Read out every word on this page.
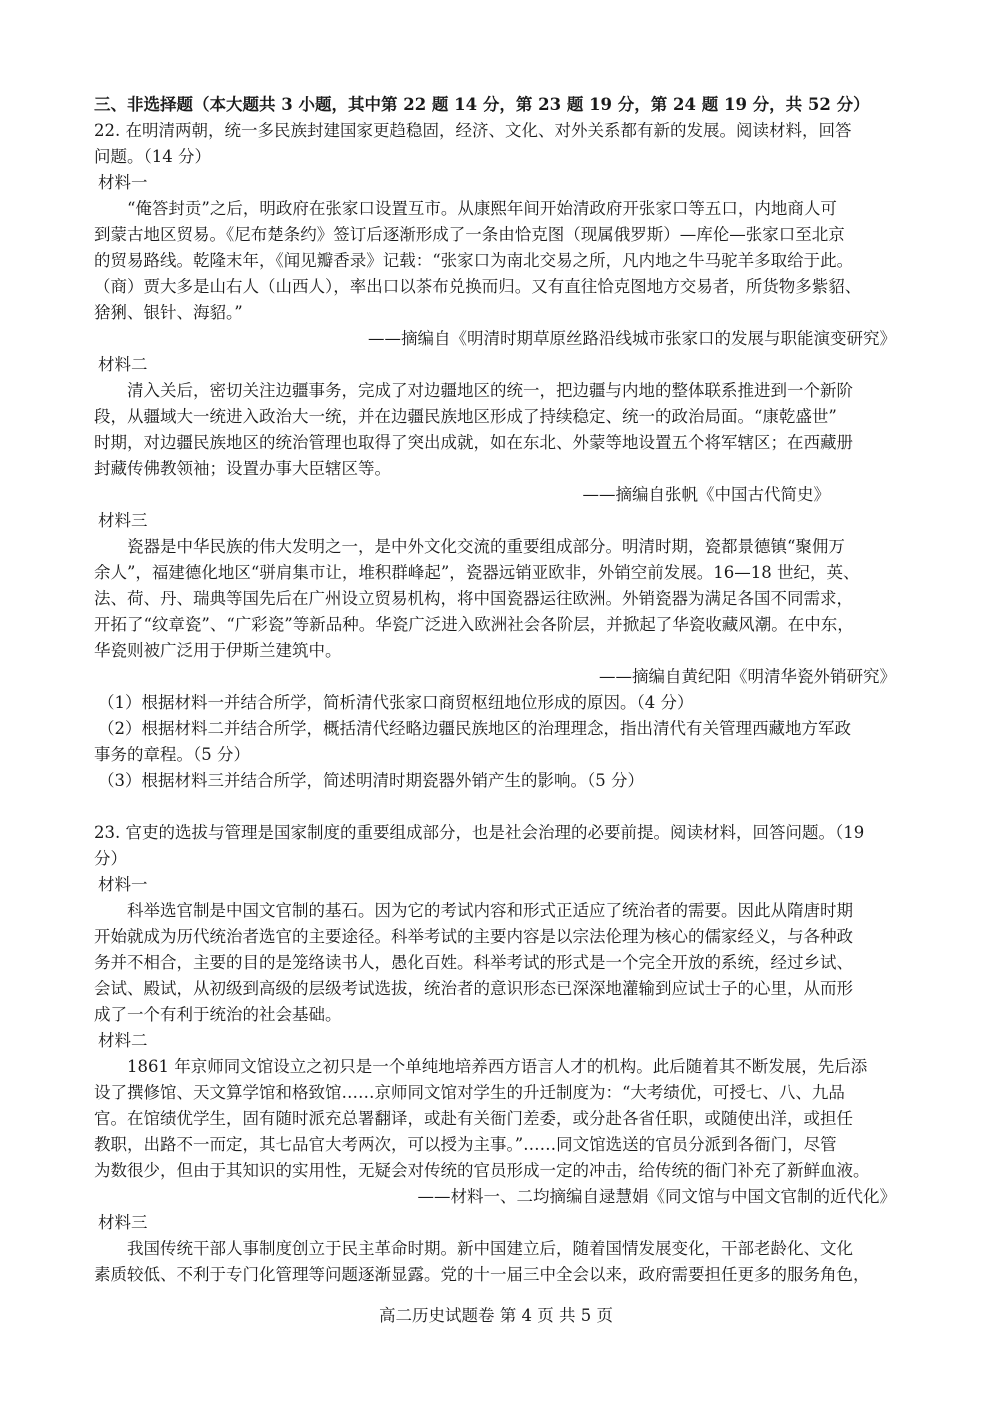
三、非选择题（本大题共 3 小题，其中第 22 题 14 分，第 23 题 19 分，第 24 题 19 分，共 52 分）
22. 在明清两朝，统一多民族封建国家更趋稳固，经济、文化、对外关系都有新的发展。阅读材料，回答
问题。（14 分）
材料一
“俺答封贡”之后，明政府在张家口设置互市。从康熙年间开始清政府开张家口等五口，内地商人可
到蒙古地区贸易。《尼布楚条约》签订后逐渐形成了一条由恰克图（现属俄罗斯）—库伦—张家口至北京
的贸易路线。乾隆末年，《闻见瓣香录》记载：“张家口为南北交易之所，凡内地之牛马驼羊多取给于此。
（商）贾大多是山右人（山西人），率出口以茶布兑换而归。又有直往恰克图地方交易者，所货物多紫貂、
猞猁、银针、海貂。”
——摘编自《明清时期草原丝路沿线城市张家口的发展与职能演变研究》
材料二
清入关后，密切关注边疆事务，完成了对边疆地区的统一，把边疆与内地的整体联系推进到一个新阶
段，从疆域大一统进入政治大一统，并在边疆民族地区形成了持续稳定、统一的政治局面。“康乾盛世”
时期，对边疆民族地区的统治管理也取得了突出成就，如在东北、外蒙等地设置五个将军辖区；在西藏册
封藏传佛教领袖；设置办事大臣辖区等。
——摘编自张帆《中国古代简史》
材料三
瓷器是中华民族的伟大发明之一，是中外文化交流的重要组成部分。明清时期，瓷都景德镇“聚佣万
余人”，福建德化地区“骈肩集市让，堆积群峰起”，瓷器远销亚欧非，外销空前发展。16—18 世纪，英、
法、荷、丹、瑞典等国先后在广州设立贸易机构，将中国瓷器运往欧洲。外销瓷器为满足各国不同需求，
开拓了“纹章瓷”、“广彩瓷”等新品种。华瓷广泛进入欧洲社会各阶层，并掀起了华瓷收藏风潮。在中东，
华瓷则被广泛用于伊斯兰建筑中。
——摘编自黄纪阳《明清华瓷外销研究》
（1）根据材料一并结合所学，简析清代张家口商贸枢纽地位形成的原因。（4 分）
（2）根据材料二并结合所学，概括清代经略边疆民族地区的治理理念，指出清代有关管理西藏地方军政
事务的章程。（5 分）
（3）根据材料三并结合所学，简述明清时期瓷器外销产生的影响。（5 分）
23. 官吏的选拔与管理是国家制度的重要组成部分，也是社会治理的必要前提。阅读材料，回答问题。（19
分）
材料一
科举选官制是中国文官制的基石。因为它的考试内容和形式正适应了统治者的需要。因此从隋唐时期
开始就成为历代统治者选官的主要途径。科举考试的主要内容是以宗法伦理为核心的儒家经义，与各种政
务并不相合，主要的目的是笼络读书人，愚化百姓。科举考试的形式是一个完全开放的系统，经过乡试、
会试、殿试，从初级到高级的层级考试选拔，统治者的意识形态已深深地灌输到应试士子的心里，从而形
成了一个有利于统治的社会基础。
材料二
1861 年京师同文馆设立之初只是一个单纯地培养西方语言人才的机构。此后随着其不断发展，先后添
设了撰修馆、天文算学馆和格致馆……京师同文馆对学生的升迁制度为：“大考绩优，可授七、八、九品
官。在馆绩优学生，固有随时派充总署翻译，或赴有关衙门差委，或分赴各省任职，或随使出洋，或担任
教职，出路不一而定，其七品官大考两次，可以授为主事。”……同文馆选送的官员分派到各衙门，尽管
为数很少，但由于其知识的实用性，无疑会对传统的官员形成一定的冲击，给传统的衙门补充了新鲜血液。
——材料一、二均摘编自逯慧娟《同文馆与中国文官制的近代化》
材料三
我国传统干部人事制度创立于民主革命时期。新中国建立后，随着国情发展变化，干部老龄化、文化
素质较低、不利于专门化管理等问题逐渐显露。党的十一届三中全会以来，政府需要担任更多的服务角色，
高二历史试题卷 第 4 页 共 5 页
